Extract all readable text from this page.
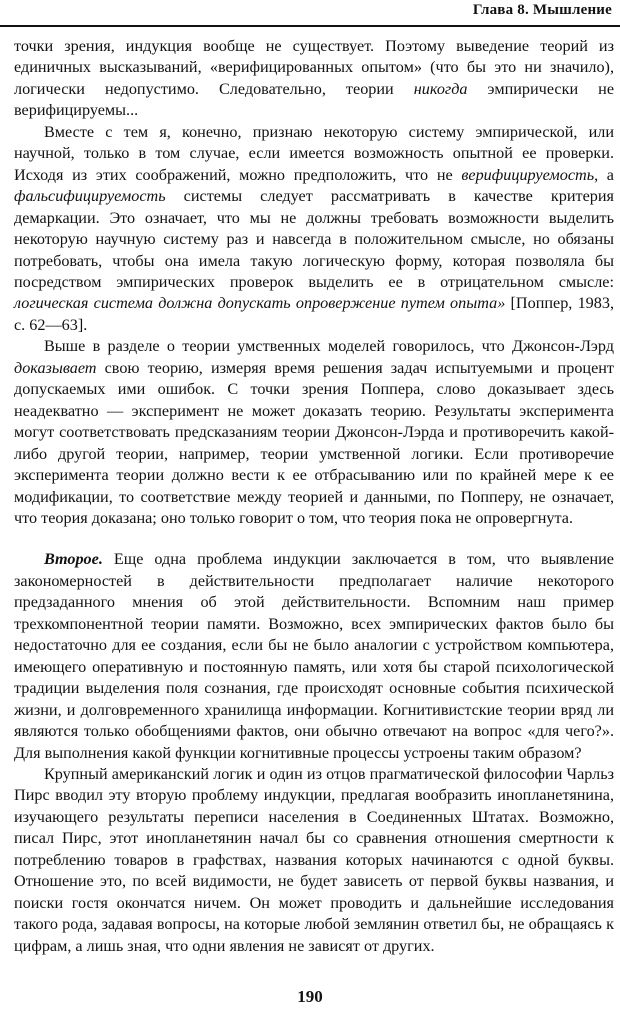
Глава 8. Мышление

точки зрения, индукция вообще не существует. Поэтому выведение теорий из единичных высказываний, «верифицированных опытом» (что бы это ни значило), логически недопустимо. Следовательно, теории никогда эмпирически не верифицируемы...

Вместе с тем я, конечно, признаю некоторую систему эмпирической, или научной, только в том случае, если имеется возможность опытной ее проверки. Исходя из этих соображений, можно предположить, что не верифицируемость, а фальсифицируемость системы следует рассматривать в качестве критерия демаркации. Это означает, что мы не должны требовать возможности выделить некоторую научную систему раз и навсегда в положительном смысле, но обязаны потребовать, чтобы она имела такую логическую форму, которая позволяла бы посредством эмпирических проверок выделить ее в отрицательном смысле: логическая система должна допускать опровержение путем опыта» [Поппер, 1983, с. 62—63].

Выше в разделе о теории умственных моделей говорилось, что Джонсон-Лэрд доказывает свою теорию, измеряя время решения задач испытуемыми и процент допускаемых ими ошибок. С точки зрения Поппера, слово доказывает здесь неадекватно — эксперимент не может доказать теорию. Результаты эксперимента могут соответствовать предсказаниям теории Джонсон-Лэрда и противоречить какой-либо другой теории, например, теории умственной логики. Если противоречие эксперимента теории должно вести к ее отбрасыванию или по крайней мере к ее модификации, то соответствие между теорией и данными, по Попперу, не означает, что теория доказана; оно только говорит о том, что теория пока не опровергнута.

Второе. Еще одна проблема индукции заключается в том, что выявление закономерностей в действительности предполагает наличие некоторого предзаданного мнения об этой действительности. Вспомним наш пример трехкомпонентной теории памяти. Возможно, всех эмпирических фактов было бы недостаточно для ее создания, если бы не было аналогии с устройством компьютера, имеющего оперативную и постоянную память, или хотя бы старой психологической традиции выделения поля сознания, где происходят основные события психической жизни, и долговременного хранилища информации. Когнитивистские теории вряд ли являются только обобщениями фактов, они обычно отвечают на вопрос «для чего?». Для выполнения какой функции когнитивные процессы устроены таким образом?

Крупный американский логик и один из отцов прагматической философии Чарльз Пирс вводил эту вторую проблему индукции, предлагая вообразить инопланетянина, изучающего результаты переписи населения в Соединенных Штатах. Возможно, писал Пирс, этот инопланетянин начал бы со сравнения отношения смертности к потреблению товаров в графствах, названия которых начинаются с одной буквы. Отношение это, по всей видимости, не будет зависеть от первой буквы названия, и поиски гостя окончатся ничем. Он может проводить и дальнейшие исследования такого рода, задавая вопросы, на которые любой землянин ответил бы, не обращаясь к цифрам, а лишь зная, что одни явления не зависят от других.

190
